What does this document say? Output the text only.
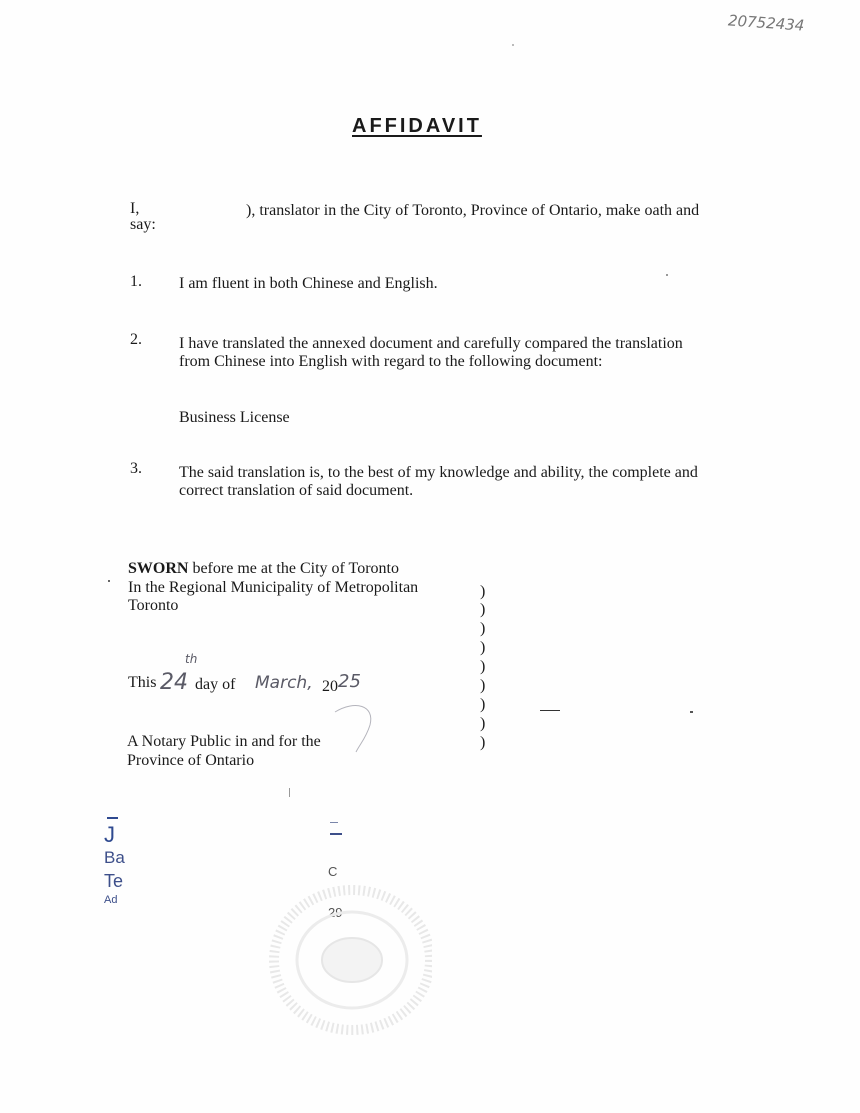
20752434
AFFIDAVIT
I,	), translator in the City of Toronto, Province of Ontario, make oath and
say:
1. I am fluent in both Chinese and English.
2. I have translated the annexed document and carefully compared the translation
from Chinese into English with regard to the following document:
Business License
3. The said translation is, to the best of my knowledge and ability, the complete and
correct translation of said document.
SWORN before me at the City of Toronto
In the Regional Municipality of Metropolitan
Toronto
This 24
th
day of March, 20 25
A Notary Public in and for the
Province of Ontario
)
)
)
)
)
)
)
)
)
J
Ba
Te
Ad
C
29
